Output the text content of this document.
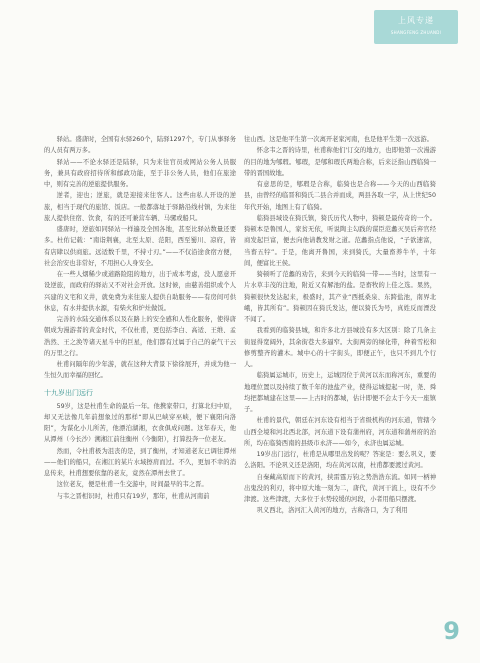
上风专递
SHANGFENG ZHUANDI

驿站。盛唐时，全国有水驿260个，陆驿1297个，专门从事驿务的人员有两万多。

驿站——不论水驿还是陆驿，只为来往官员或网站公务人员服务，兼具有政府招待所和邮政功能，至于非公务人员，他们在旅途中，则有完善的逆旅提供服务。

逆者，迎也；逆旅，就是迎接来往客人。这些由私人开设的逆旅，相当于现代的旅馆、饭店。一般都落址于驿路沿线村镇，为来往旅人提供住宿、饮食，有的还可兼营车辆、马骡或船只。

盛唐时，逆旅如同驿站一样遍及全国各地，甚至比驿站数量还要多。杜佑记载：“南诣荆襄，北至太原、范阳，西至蜀川、凉府，皆有店肆以供商旅。远适数千里，不持寸刃。”——不仅沿途食宿方便，社会治安也非常好，不用担心人身安全。

在一些人烟稀少或道路险阻的地方，出于成本考虑，没人愿意开设逆旅，而政府的驿站又不对社会开放。这时候，由慈善组织或个人兴建的义宅和义井，就免费为来往旅人提供自助服务——有房间可供休息，有水井提供水源，有柴火和炉灶做饭。

完善的水陆交通体系以及在路上的安全感和人性化服务，使得唐朝成为漫游者的黄金时代，不仅杜甫，更包括李白、高适、王维、孟浩然、王之涣等诸天星斗中的巨星，他们都有过属于自己的豪气干云的万里之行。

杜甫问隔年的少年游，就在这种大背景下徐徐展开，并成为他一生恒久而幸福的回忆。

十九岁出门远行

59岁，这是杜甫生命的最后一年。他携家带口，打算北归中原，却又无法像几年前想象过的那样“即从巴峡穿巫峡，便下襄阳向洛阳”，为谋化小儿所苦，他漂泊湖湘，衣食俱成问题。这年春天，他从潭州（今长沙）溯湘江前往衡州（今衡阳），打算投奔一位老友。

然而，令杜甫极为沮丧的是，到了衡州，才知道老友已调往潭州——他们的船只，在湘江的某片水域擦肩而过。不久，更加不幸的消息传来，杜甫想要依靠的老友，竟然在潭州去世了。

这位老友，便是杜甫一生交游中，时间最早的韦之晋。

与韦之晋相识时，杜甫只有19岁，那年，杜甫从河南前

往山西。这是他平生第一次离开老家河南，也是他平生第一次远游。

怀念韦之晋的诗里，杜甫称他们'订交的地方，也即他第一次漫游的目的地为郇瑕。郇瑕，是郇和瑕氏两地合称，后来泛指山西临猗一带的晋国故地。

有意思的是，郇瑕是合称，临猗也是合称——今天的山西临猗县，由曾经的临晋和猗氏二县合并而成，两县各取一字，从上世纪50年代开始，地图上有了临猗。

临猗县域设在猗氏镇，猗氏历代人物中，猗顿是最传奇的一个。猗顿本是鲁国人，家贫无依，听说陶主勾践的谋臣范蠡灭吴后弃官经商发起巨富，便去向他请教发财之道。范蠡指点他说，“子欲速富，当畜五牸”。于是，他离开鲁国，来到猗氏，大量畜养牛羊，十年间，便富比王侯。

猗顿听了范蠡的劝告，来到今天的临猗一带——当时，这里有一片水草丰茂的注地，附近又有解池的盐。是畜牧的上佳之选。果然，猗顿很快发达起来，极盛时，其产业“西抵桑泉、东跨盐池，南界北峨，皆其所有”。猗顿因在猗氏发达，便以猗氏为号，真姓反而湮没不闻了。

我看到的临猗县城，和许多北方县城没有多大区别：除了几条主街显得宽阔外，其余街巷大多逼窄。大街两旁的绿化带，种着雪松和修剪整齐的灌木。城中心的十字街头，即便正午，也只不到几个行人。

临猗属运城市，历史上，运城因位于黄河以东而称河东，重要的地理位置以及持续了数千年的池盐产业，使得运城提起一时，尧、舜均把都城建在这里——上古时的都城，估计即便不会太于今天一座镇子。

杜甫的景代，朝廷在河东设有相当于省级机构的河东道，管辖今山西全境和河北西北部，河东道下设有蒲州府，河东道和蒲州府的治所，均在临猗西南的县级市永济——如今，永济也属运城。

19岁出门远行，杜甫是从哪里出发的呢？答案是：要么巩义，要么洛阳。不论巩义还是洛阳，均在黄河以南，杜甫都要渡过黄河。

自秦藏高原而下的黄河，挟雷霆万钧之势浩浩东流。如同一柄神出鬼没的利刃，将中原大地一刻为二，唐代，黄河干流上，设有不少津渡。这些津渡，大多位于水势较缓的河段，小者用船只摆渡。

巩义西北，洛河汇入黄河的地方，古称洛口，为了利用

9
